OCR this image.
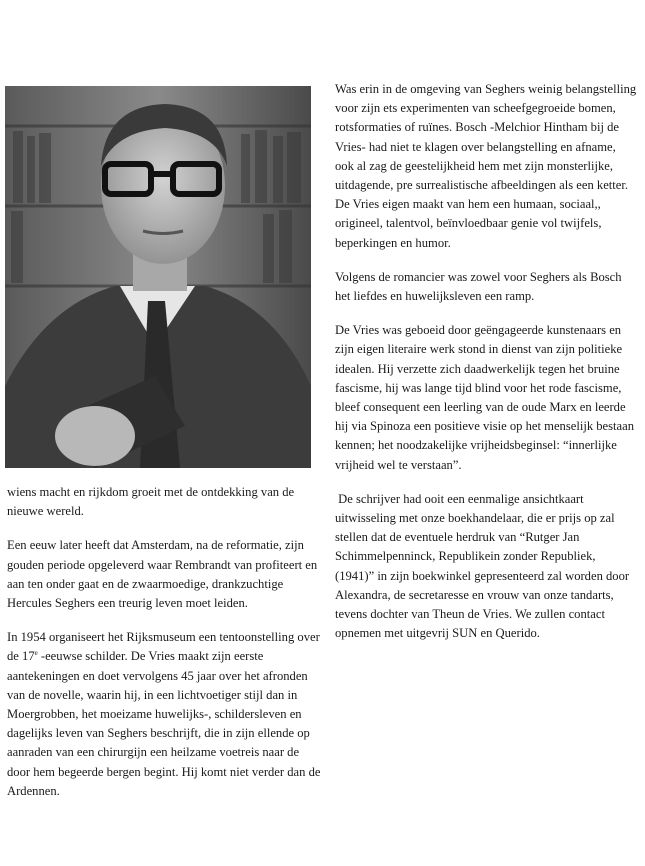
wiens macht en rijkdom groeit met de ontdekking van de nieuwe wereld.

Een eeuw later heeft dat Amsterdam, na de reformatie, zijn gouden periode opgeleverd waar Rembrandt van profiteert en aan ten onder gaat en de zwaarmoedige, drankzuchtige Hercules Seghers een treurig leven moet leiden.

In 1954 organiseert het Rijksmuseum een tentoonstelling over de 17e -eeuwse schilder. De Vries maakt zijn eerste aantekeningen en doet vervolgens 45 jaar over het afronden van de novelle, waarin hij, in een lichtvoetiger stijl dan in Moergrobben, het moeizame huwelijks-, schildersleven en dagelijks leven van Seghers beschrijft, die in zijn ellende op aanraden van een chirurgijn een heilzame voetreis naar de door hem begeerde bergen begint. Hij komt niet verder dan de Ardennen.

Was erin in de omgeving van Seghers weinig belangstelling voor zijn ets experimenten van scheefgegroeide bomen, rotsformaties of ruïnes. Bosch -Melchior Hintham bij de Vries- had niet te klagen over belangstelling en afname, ook al zag de geestelijkheid hem met zijn monsterlijke, uitdagende, pre surrealistische afbeeldingen als een ketter. De Vries eigen maakt van hem een humaan, sociaal,, origineel, talentvol, beïnvloedbaar genie vol twijfels, beperkingen en humor.

Volgens de romancier was zowel voor Seghers als Bosch het liefdes en huwelijksleven een ramp.

De Vries was geboeid door geëngageerde kunstenaars en zijn eigen literaire werk stond in dienst van zijn politieke idealen. Hij verzette zich daadwerkelijk tegen het bruine fascisme, hij was lange tijd blind voor het rode fascisme, bleef consequent een leerling van de oude Marx en leerde hij via Spinoza een positieve visie op het menselijk bestaan kennen; het noodzakelijke vrijheidsbeginsel: “innerlijke vrijheid wel te verstaan”.

De schrijver had ooit een eenmalige ansichtkaart uitwisseling met onze boekhandelaar, die er prijs op zal stellen dat de eventuele herdruk van “Rutger Jan Schimmelpenninck, Republikein zonder Republiek, (1941)” in zijn boekwinkel gepresenteerd zal worden door Alexandra, de secretaresse en vrouw van onze tandarts, tevens dochter van Theun de Vries. We zullen contact opnemen met uitgevrij SUN en Querido.
